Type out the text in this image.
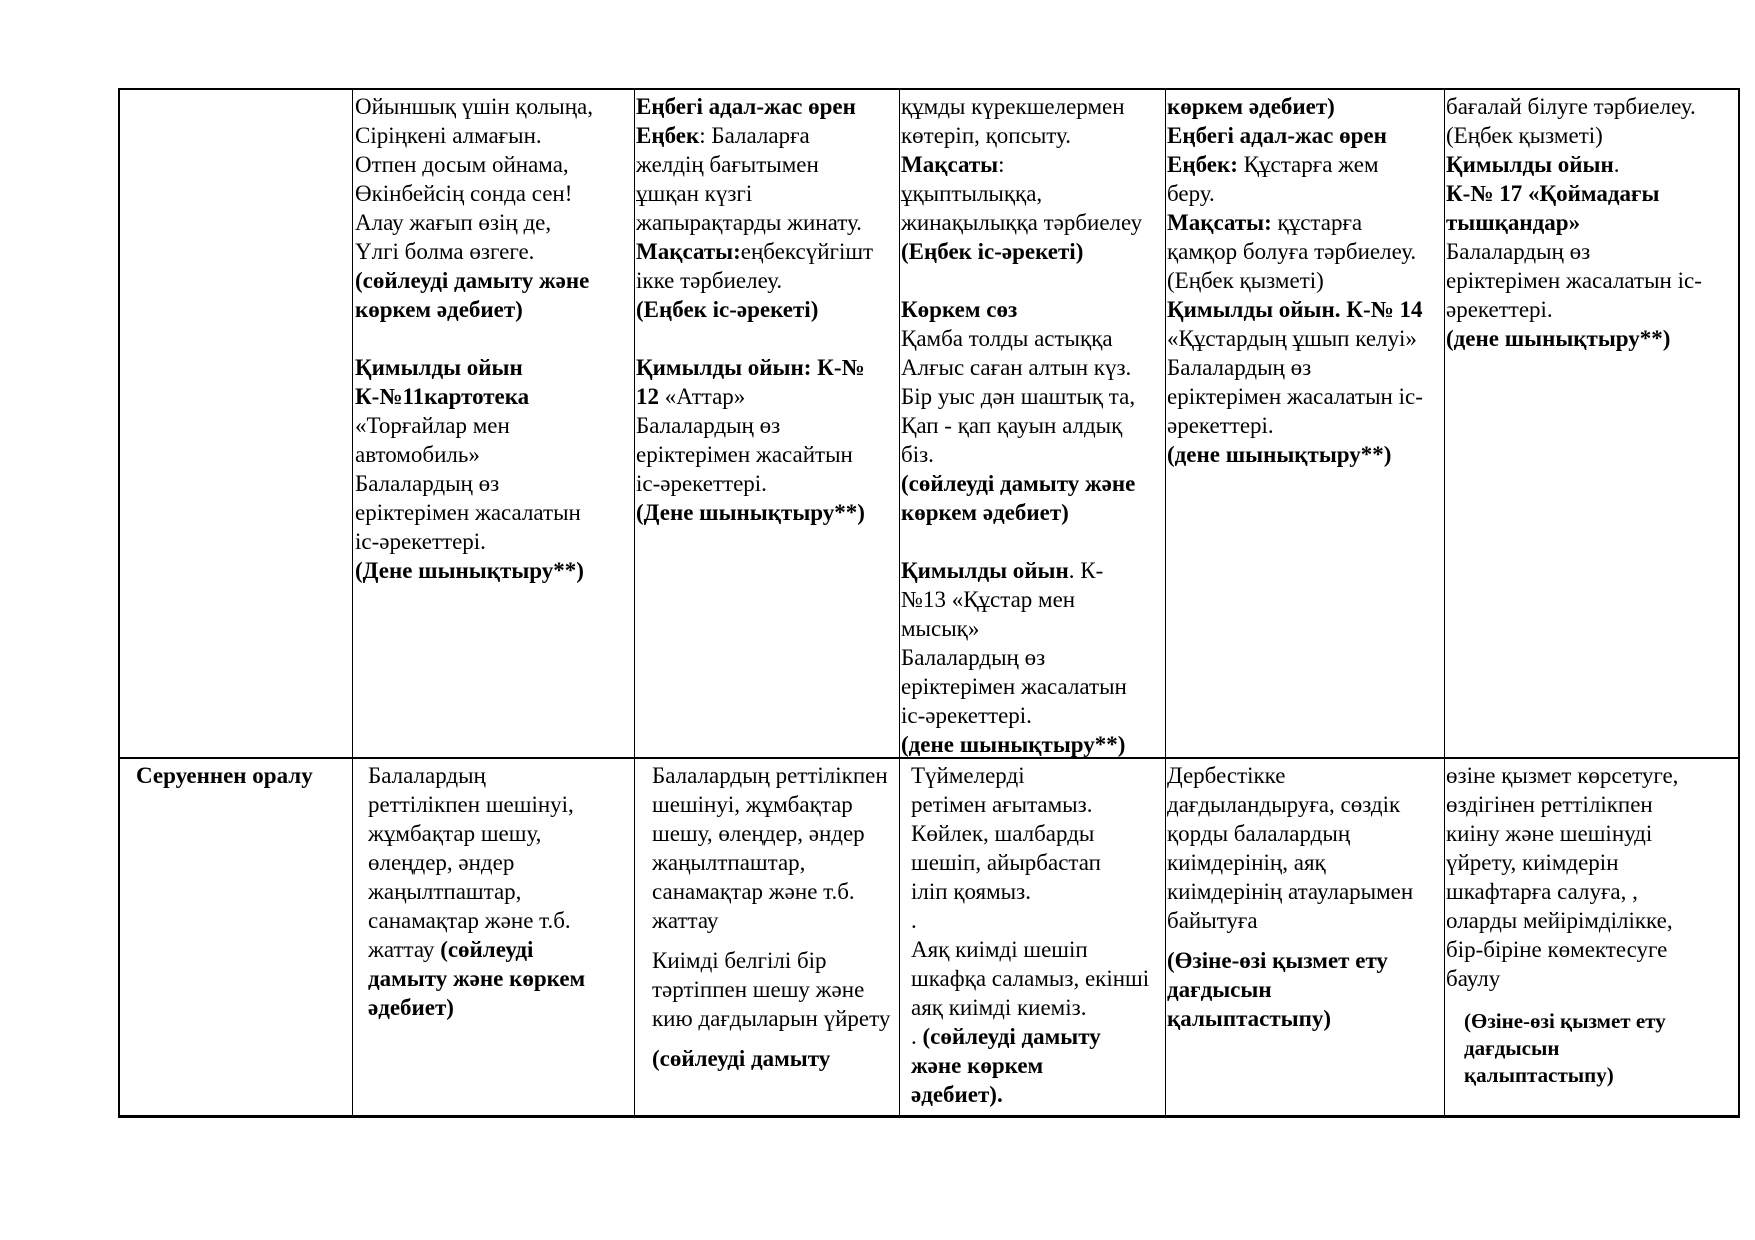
Ойыншық үшін қолыңа,
Сіріңкені алмағын.
Отпен досым ойнама,
Өкінбейсің сонда сен!
Алау жағып өзің де,
Үлгі болма өзгеге.
(сөйлеуді дамыту және
көркем әдебиет)
Қимылды ойын
К-№11картотека
«Торғайлар мен
автомобиль»
Балалардың өз
еріктерімен жасалатын
іс-әрекеттері.
(Дене шынықтыру**)
Еңбегі адал-жас өрен
Еңбек: Балаларға
желдің бағытымен
ұшқан күзгі
жапырақтарды жинату.
Мақсаты:еңбексүйгішт
ікке тәрбиелеу.
(Еңбек іс-әрекеті)
Қимылды ойын: К-№
12 «Аттар»
Балалардың өз
еріктерімен жасайтын
іс-әрекеттері.
(Дене шынықтыру**)
құмды күрекшелермен
көтеріп, қопсыту.
Мақсаты:
ұқыптылыққа,
жинақылыққа тәрбиелеу
(Еңбек іс-әрекеті)
Көркем сөз
Қамба толды астыққа
Алғыс саған алтын күз.
Бір уыс дән шаштық та,
Қап - қап қауын алдық
біз.
(сөйлеуді дамыту және
көркем әдебиет)
Қимылды ойын. К-
№13 «Құстар мен
мысық»
Балалардың өз
еріктерімен жасалатын
іс-әрекеттері.
(дене шынықтыру**)
көркем әдебиет)
Еңбегі адал-жас өрен
Еңбек: Құстарға жем
беру.
Мақсаты: құстарға
қамқор болуға тәрбиелеу.
(Еңбек қызметі)
Қимылды ойын. К-№ 14
«Құстардың ұшып келуі»
Балалардың өз
еріктерімен жасалатын іс-
әрекеттері.
(дене шынықтыру**)
бағалай білуге тәрбиелеу.
(Еңбек қызметі)
Қимылды ойын.
К-№ 17 «Қоймадағы
тышқандар»
Балалардың өз
еріктерімен жасалатын іс-
әрекеттері.
(дене шынықтыру**)
Серуеннен оралу	Балалардың
реттілікпен шешінуі,
жұмбақтар шешу,
өлеңдер, әндер
жаңылтпаштар,
санамақтар және т.б.
жаттау (сөйлеуді
дамыту және көркем
әдебиет)
Балалардың реттілікпен
шешінуі, жұмбақтар
шешу, өлеңдер, әндер
жаңылтпаштар,
санамақтар және т.б.
жаттау
Киімді белгілі бір
тәртіппен шешу және
кию дағдыларын үйрету
(сөйлеуді дамыту
Түймелерді
ретімен ағытамыз.
Көйлек, шалбарды
шешіп, айырбастап
іліп қоямыз.
.
Аяқ киімді шешіп
шкафқа саламыз, екінші
аяқ киімді киеміз.
. (сөйлеуді дамыту
және көркем
әдебиет).
Дербестікке
дағдыландыруға, сөздік
қорды балалардың
киімдерінің, аяқ
киімдерінің атауларымен
байытуға
(Өзіне-өзі қызмет ету
дағдысын
қалыптастыпу)
өзіне қызмет көрсетуге,
өздігінен реттілікпен
киіну және шешінуді
үйрету, киімдерін
шкафтарға салуға, ,
оларды мейірімділікке,
бір-біріне көмектесуге
баулу
(Өзіне-өзі қызмет ету
дағдысын
қалыптастыпу)
